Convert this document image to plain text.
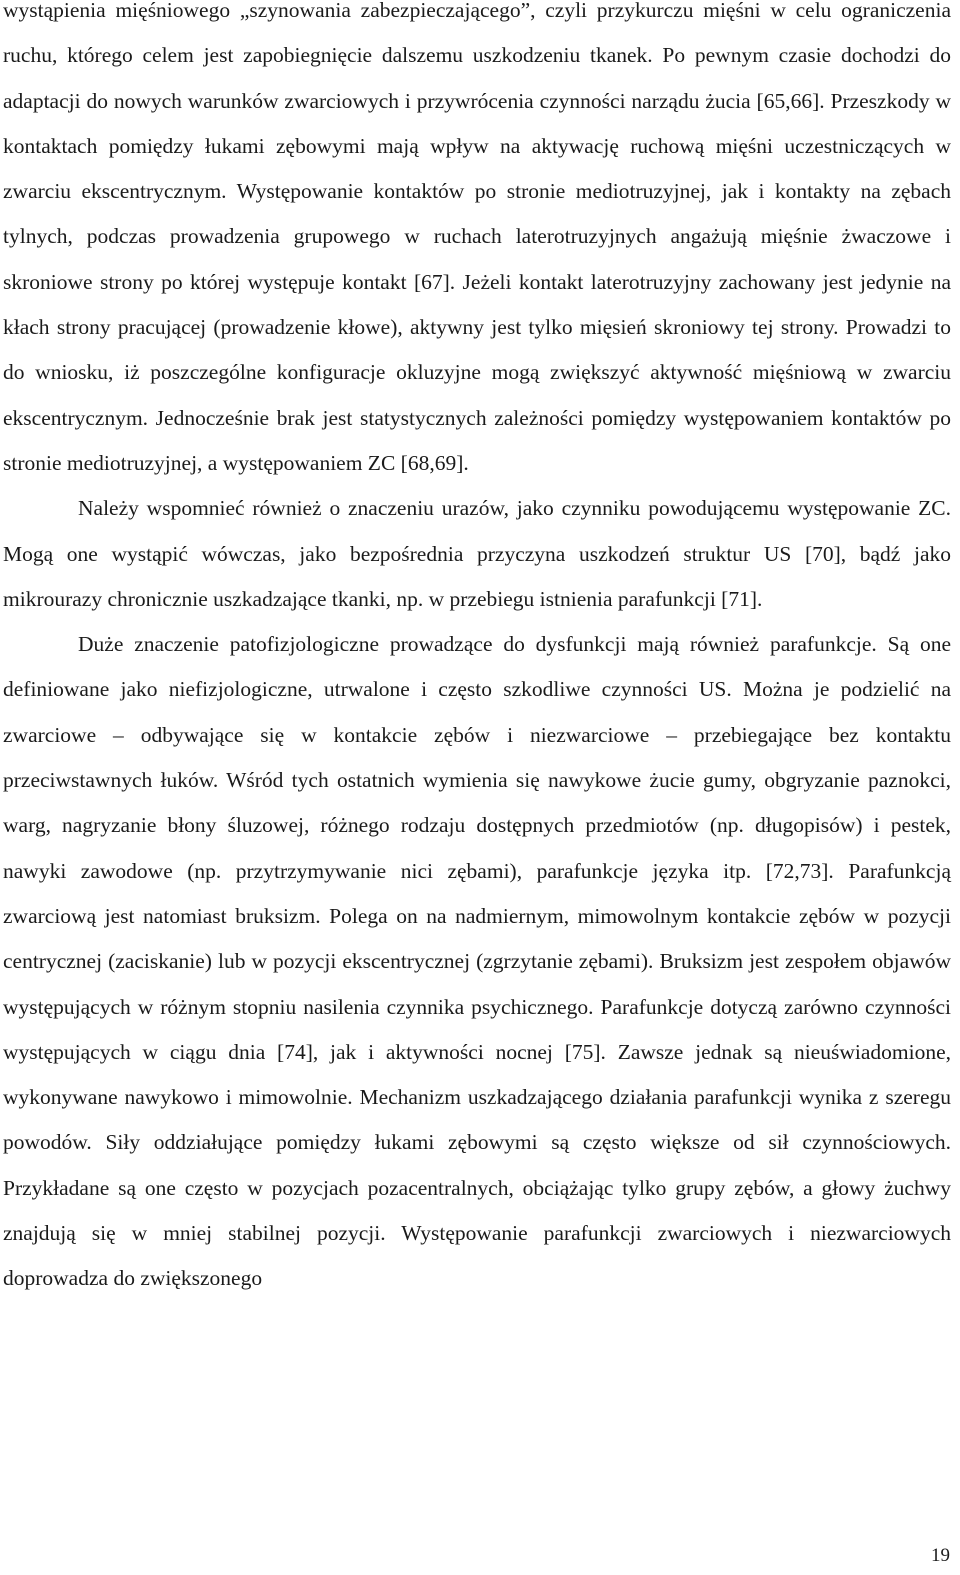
wystąpienia mięśniowego „szynowania zabezpieczającego”, czyli przykurczu mięśni w celu ograniczenia ruchu, którego celem jest zapobiegnięcie dalszemu uszkodzeniu tkanek. Po pewnym czasie dochodzi do adaptacji do nowych warunków zwarciowych i przywrócenia czynności narządu żucia [65,66]. Przeszkody w kontaktach pomiędzy łukami zębowymi mają wpływ na aktywację ruchową mięśni uczestniczących w zwarciu ekscentrycznym. Występowanie kontaktów po stronie mediotruzyjnej, jak i kontakty na zębach tylnych, podczas prowadzenia grupowego w ruchach laterotruzyjnych angażują mięśnie żwaczowe i skroniowe strony po której występuje kontakt [67]. Jeżeli kontakt laterotruzyjny zachowany jest jedynie na kłach strony pracującej (prowadzenie kłowe), aktywny jest tylko mięsień skroniowy tej strony. Prowadzi to do wniosku, iż poszczególne konfiguracje okluzyjne mogą zwiększyć aktywność mięśniową w zwarciu ekscentrycznym. Jednocześnie brak jest statystycznych zależności pomiędzy występowaniem kontaktów po stronie mediotruzyjnej, a występowaniem ZC [68,69].

Należy wspomnieć również o znaczeniu urazów, jako czynniku powodującemu występowanie ZC. Mogą one wystąpić wówczas, jako bezpośrednia przyczyna uszkodzeń struktur US [70], bądź jako mikrourazy chronicznie uszkadzające tkanki, np. w przebiegu istnienia parafunkcji [71].

Duże znaczenie patofizjologiczne prowadzące do dysfunkcji mają również parafunkcje. Są one definiowane jako niefizjologiczne, utrwalone i często szkodliwe czynności US. Można je podzielić na zwarciowe – odbywające się w kontakcie zębów i niezwarciowe – przebiegające bez kontaktu przeciwstawnych łuków. Wśród tych ostatnich wymienia się nawykowe żucie gumy, obgryzanie paznokci, warg, nagryzanie błony śluzowej, różnego rodzaju dostępnych przedmiotów (np. długopisów) i pestek, nawyki zawodowe (np. przytrzymywanie nici zębami), parafunkcje języka itp. [72,73]. Parafunkcją zwarciową jest natomiast bruksizm. Polega on na nadmiernym, mimowolnym kontakcie zębów w pozycji centrycznej (zaciskanie) lub w pozycji ekscentrycznej (zgrzytanie zębami). Bruksizm jest zespołem objawów występujących w różnym stopniu nasilenia czynnika psychicznego. Parafunkcje dotyczą zarówno czynności występujących w ciągu dnia [74], jak i aktywności nocnej [75]. Zawsze jednak są nieuświadomione, wykonywane nawykowo i mimowolnie. Mechanizm uszkadzającego działania parafunkcji wynika z szeregu powodów. Siły oddziałujące pomiędzy łukami zębowymi są często większe od sił czynnościowych. Przykładane są one często w pozycjach pozacentralnych, obciążając tylko grupy zębów, a głowy żuchwy znajdują się w mniej stabilnej pozycji. Występowanie parafunkcji zwarciowych i niezwarciowych doprowadza do zwiększonego

19
